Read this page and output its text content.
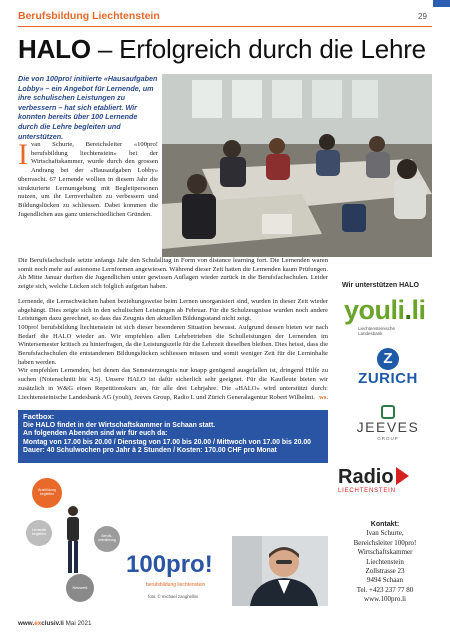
Berufsbildung Liechtenstein	29
HALO – Erfolgreich durch die Lehre
Die von 100pro! initiierte «Hausaufgaben Lobby» – ein Angebot für Lernende, um ihre schulischen Leistungen zu verbessern – hat sich etabliert. Wir konnten bereits über 100 Lernende durch die Lehre begleiten und unterstützen.
Ivan Schurte, Bereichsleiter «100pro! berufsbildung liechtenstein» bei der Wirtschaftskammer, wurde durch den grossen Andrang bei der «Hausaufgaben Lobby» überrascht. 67 Lernende wollten in diesem Jahr die strukturierte Lernumgebung mit Begleitpersonen nutzen, um ihr Lernverhalten zu verbessern und Bildungslücken zu schliessen. Dabei kommen die Jugendlichen aus ganz unterschiedlichen Gründen.

Die Berufsfachschule setzte anfangs Jahr den Schulalltag in Form von distance learning fort. Die Lernenden waren somit noch mehr auf autonome Lernformen angewiesen. Während dieser Zeit hatten die Lernenden kaum Prüfungen. Ab Mitte Januar durften die Jugendlichen unter gewissen Auflagen wieder zurück in die Berufsfachschulen. Leider zeigte sich, welche Lücken sich folglich aufgetan haben.

Lernende, die Lernschwächen haben beziehungsweise beim Lernen unorganisiert sind, wurden in dieser Zeit wieder abgehängt. Dies zeigte sich in den schulischen Leistungen ab Februar. Für die Schulzeugnisse wurden noch andere Leistungen dazu gerechnet, so dass das Zeugnis den aktuellen Bildungsstand nicht zeigt.

100pro! berufsbildung liechtenstein ist sich dieser besonderen Situation bewusst. Aufgrund dessen bieten wir nach Bedarf die HALO wieder an. Wir empfehlen allen Lehrbetrieben die Schulleistungen der Lernenden im Wintersemester kritisch zu hinterfragen, da die Leistungszeile für die Lehrzeit dieselben bleiben. Dies heisst, dass die Berufsfachschulen die entstandenen Bildungslücken schliessen müssen und somit weniger Zeit für die Lerninhalte haben werden.

Wir empfehlen Lernenden, bei denen das Semesterzeugnis nur knapp genügend ausgefallen ist, dringend Hilfe zu suchen (Notenschnitt bis 4.5). Unsere HALO ist dafür sicherlich sehr geeignet. Für die Kaufleute bieten wir zusätzlich in W&G einen Repetitionskurs an, für alle drei Lehrjahre. Die «HALO» wird unterstützt durch: Liechtensteinische Landesbank AG (youli), Jeeves Group, Radio L und Zürich Generalagentur Robert Wilhelmi. ws.

Wir unterstützen HALO
youli.li
Liechtensteinische
Landesbank
Z
ZURICH
JEEVES
GROUP
Radio
LIECHTENSTEIN
Factbox:
Die HALO findet in der Wirtschaftskammer in Schaan statt.
An folgenden Abenden sind wir für euch da:
Montag von 17.00 bis 20.00 / Dienstag von 17.00 bis 20.00 / Mittwoch von 17.00 bis 20.00
Dauer: 40 Schulwochen pro Jahr à 2 Stunden / Kosten: 170.00 CHF pro Monat
Ausbildung
begleiten
Lernende
begleiten	Berufs-
orientierung
Netzwerk
100pro!
berufsbildung liechtenstein
foto: © michael zanghellini
Kontakt:
Ivan Schurte,
Bereichsleiter 100pro!
Wirtschaftskammer
Liechtenstein
Zollstrasse 23
9494 Schaan
Tel. +423 237 77 80
www.100pro.li
www.exclusiv.li Mai 2021
